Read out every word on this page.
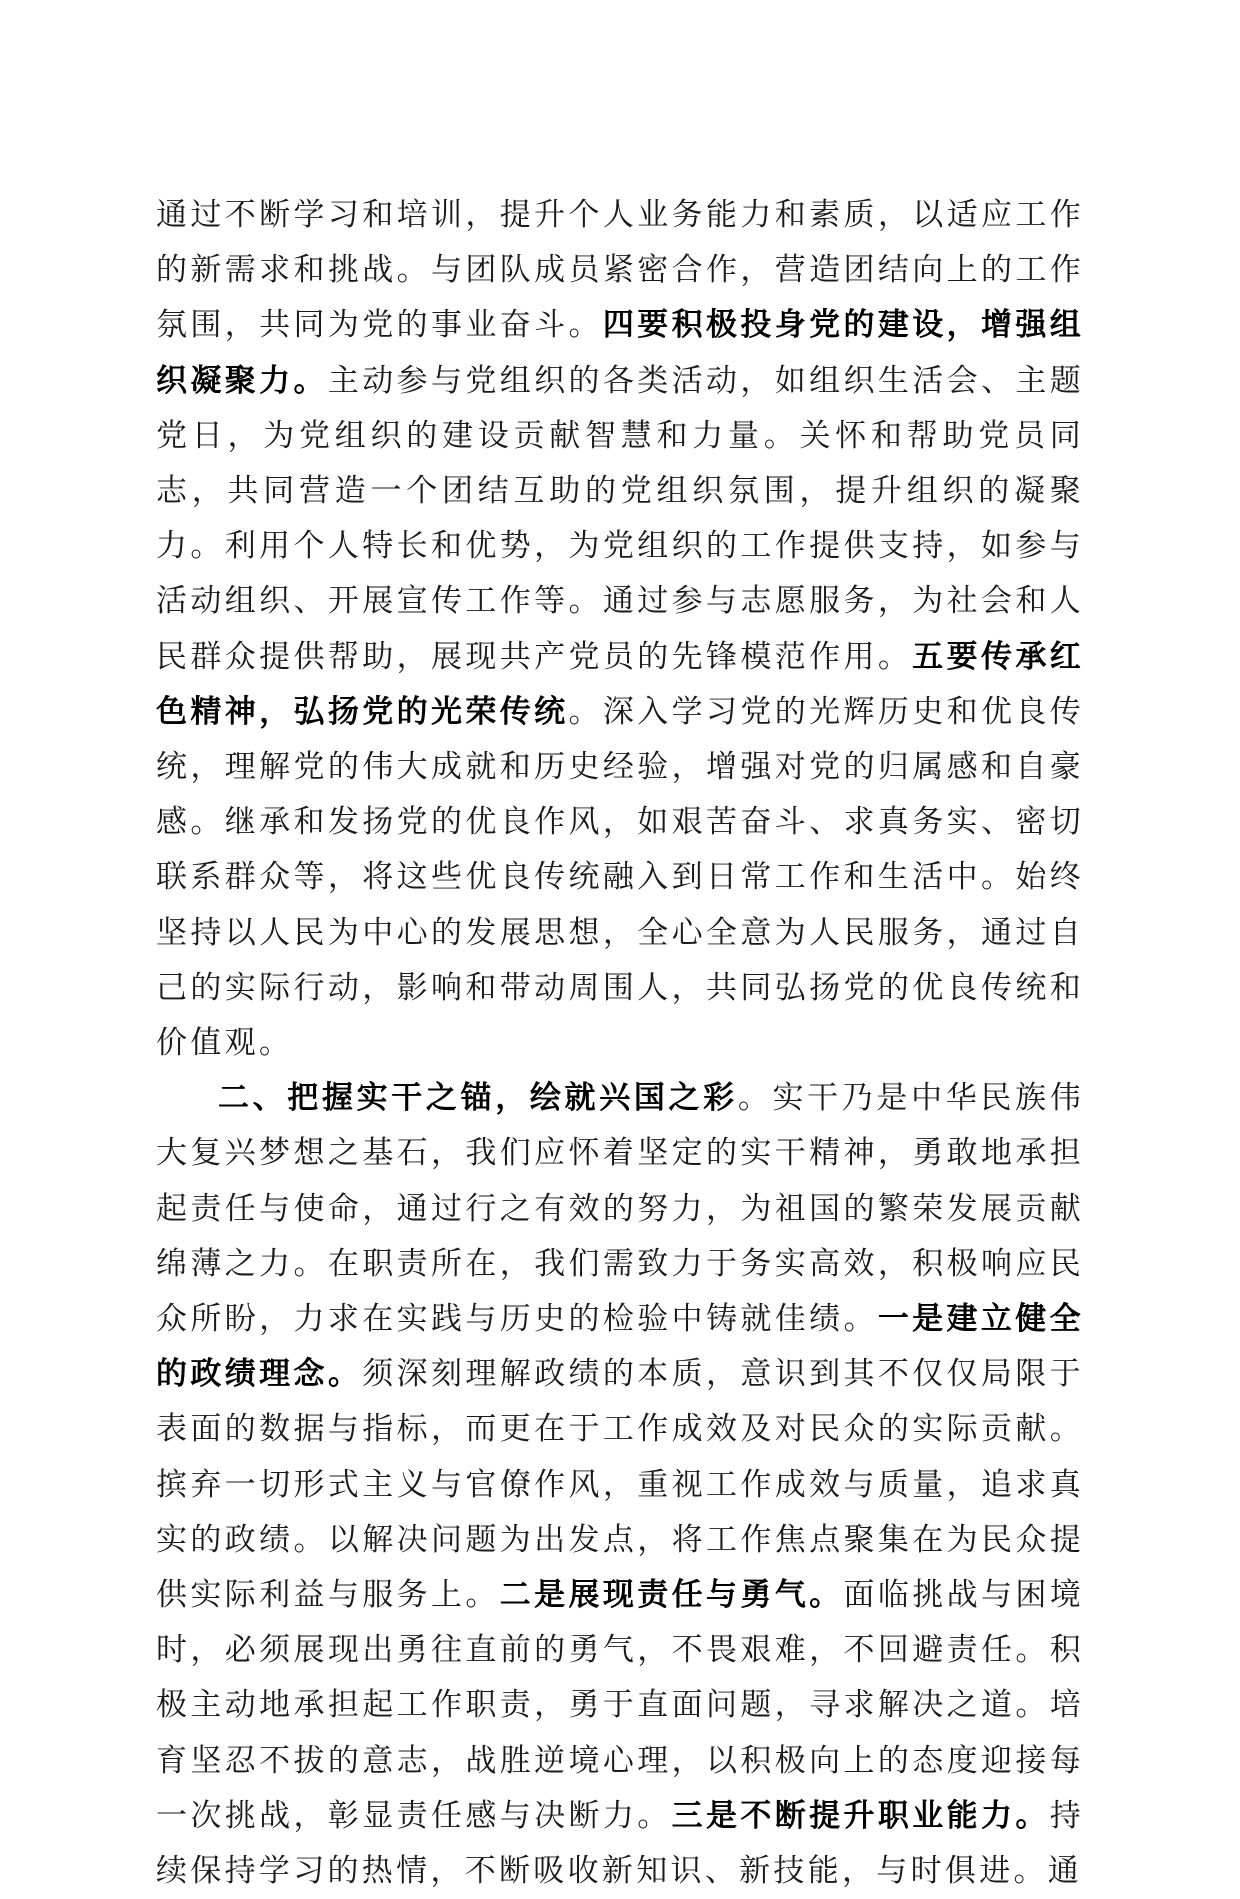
通过不断学习和培训，提升个人业务能力和素质，以适应工作的新需求和挑战。与团队成员紧密合作，营造团结向上的工作氛围，共同为党的事业奋斗。四要积极投身党的建设，增强组织凝聚力。主动参与党组织的各类活动，如组织生活会、主题党日，为党组织的建设贡献智慧和力量。关怀和帮助党员同志，共同营造一个团结互助的党组织氛围，提升组织的凝聚力。利用个人特长和优势，为党组织的工作提供支持，如参与活动组织、开展宣传工作等。通过参与志愿服务，为社会和人民群众提供帮助，展现共产党员的先锋模范作用。五要传承红色精神，弘扬党的光荣传统。深入学习党的光辉历史和优良传统，理解党的伟大成就和历史经验，增强对党的归属感和自豪感。继承和发扬党的优良作风，如艰苦奋斗、求真务实、密切联系群众等，将这些优良传统融入到日常工作和生活中。始终坚持以人民为中心的发展思想，全心全意为人民服务，通过自己的实际行动，影响和带动周围人，共同弘扬党的优良传统和价值观。

二、把握实干之锚，绘就兴国之彩。实干乃是中华民族伟大复兴梦想之基石，我们应怀着坚定的实干精神，勇敢地承担起责任与使命，通过行之有效的努力，为祖国的繁荣发展贡献绵薄之力。在职责所在，我们需致力于务实高效，积极响应民众所盼，力求在实践与历史的检验中铸就佳绩。一是建立健全的政绩理念。须深刻理解政绩的本质，意识到其不仅仅局限于表面的数据与指标，而更在于工作成效及对民众的实际贡献。摈弃一切形式主义与官僚作风，重视工作成效与质量，追求真实的政绩。以解决问题为出发点，将工作焦点聚集在为民众提供实际利益与服务上。二是展现责任与勇气。面临挑战与困境时，必须展现出勇往直前的勇气，不畏艰难，不回避责任。积极主动地承担起工作职责，勇于直面问题，寻求解决之道。培育坚忍不拔的意志，战胜逆境心理，以积极向上的态度迎接每一次挑战，彰显责任感与决断力。三是不断提升职业能力。持续保持学习的热情，不断吸收新知识、新技能，与时俱进。通
